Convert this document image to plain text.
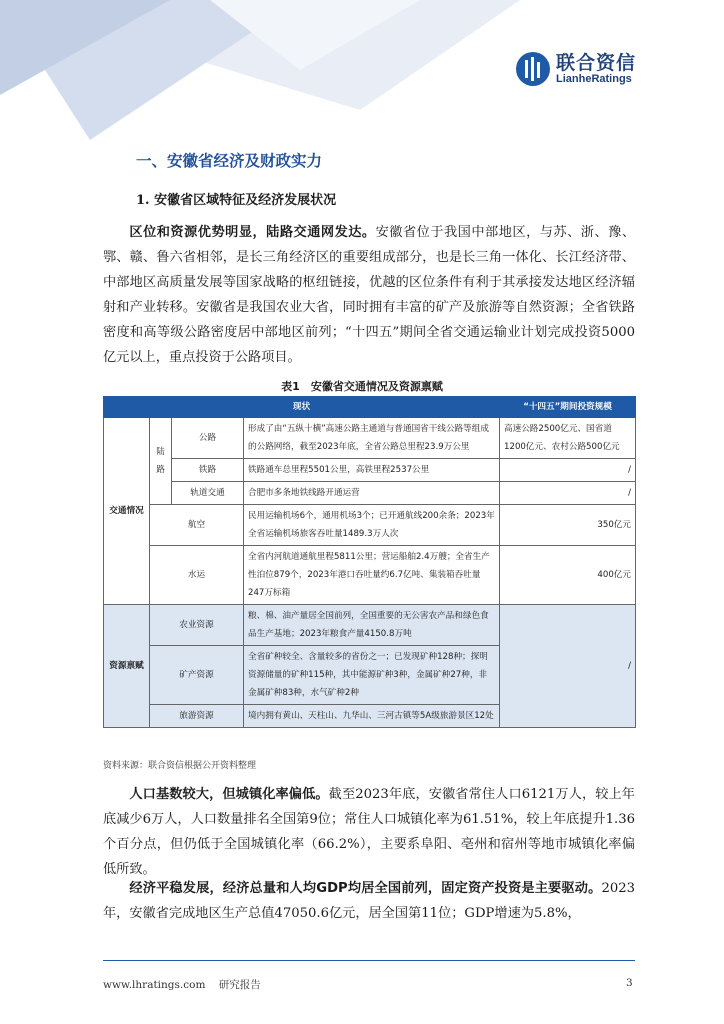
联合资信
LianheRatings
一、安徽省经济及财政实力
1. 安徽省区域特征及经济发展状况

区位和资源优势明显，陆路交通网发达。安徽省位于我国中部地区，与苏、浙、豫、鄂、赣、鲁六省相邻，是长三角经济区的重要组成部分，也是长三角一体化、长江经济带、中部地区高质量发展等国家战略的枢纽链接，优越的区位条件有利于其承接发达地区经济辐射和产业转移。安徽省是我国农业大省，同时拥有丰富的矿产及旅游等自然资源；全省铁路密度和高等级公路密度居中部地区前列；“十四五”期间全省交通运输业计划完成投资5000亿元以上，重点投资于公路项目。

表1　安徽省交通情况及资源禀赋
现状				“十四五”期间投资规模
交通情况	陆路	公路	形成了由“五纵十横”高速公路主通道与普通国省干线公路等组成的公路网络，截至2023年底，全省公路总里程23.9万公里	高速公路2500亿元、国省道1200亿元、农村公路500亿元
		铁路	铁路通车总里程5501公里，高铁里程2537公里	/
		轨道交通	合肥市多条地铁线路开通运营	/
	航空		民用运输机场6个，通用机场3个；已开通航线200余条；2023年全省运输机场旅客吞吐量1489.3万人次	350亿元
	水运		全省内河航道通航里程5811公里；营运船舶2.4万艘；全省生产性泊位879个，2023年港口吞吐量约6.7亿吨、集装箱吞吐量247万标箱	400亿元
资源禀赋	农业资源		粮、棉、油产量居全国前列，全国重要的无公害农产品和绿色食品生产基地；2023年粮食产量4150.8万吨	/
	矿产资源		全省矿种较全、含量较多的省份之一；已发现矿种128种；探明资源储量的矿种115种，其中能源矿种3种，金属矿种27种，非金属矿种83种，水气矿种2种	
	旅游资源		境内拥有黄山、天柱山、九华山、三河古镇等5A级旅游景区12处	
资料来源：联合资信根据公开资料整理

人口基数较大，但城镇化率偏低。截至2023年底，安徽省常住人口6121万人，较上年底减少6万人，人口数量排名全国第9位；常住人口城镇化率为61.51%，较上年底提升1.36个百分点，但仍低于全国城镇化率（66.2%），主要系阜阳、亳州和宿州等地市城镇化率偏低所致。

经济平稳发展，经济总量和人均GDP均居全国前列，固定资产投资是主要驱动。2023年，安徽省完成地区生产总值47050.6亿元，居全国第11位；GDP增速为5.8%，

www.lhratings.com 研究报告	3
